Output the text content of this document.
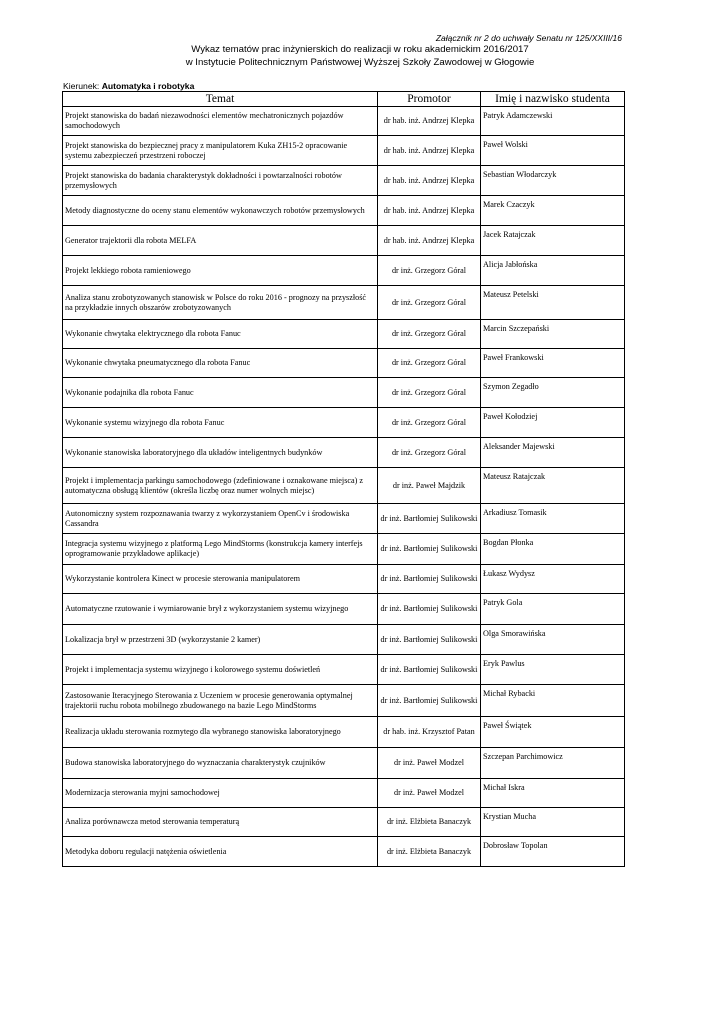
Załącznik nr 2 do uchwały Senatu nr 125/XXIII/16
Wykaz tematów prac inżynierskich do realizacji w roku akademickim 2016/2017
w Instytucie Politechnicznym Państwowej Wyższej Szkoły Zawodowej w Głogowie
Kierunek: Automatyka i robotyka
Temat	Promotor	Imię i nazwisko studenta
Projekt stanowiska do badań niezawodności elementów mechatronicznych pojazdów samochodowych	dr hab. inż. Andrzej Klepka	Patryk Adamczewski
Projekt stanowiska do bezpiecznej pracy z manipulatorem Kuka ZH15-2 opracowanie systemu zabezpieczeń przestrzeni roboczej	dr hab. inż. Andrzej Klepka	Paweł Wolski
Projekt stanowiska do badania charakterystyk dokładności i powtarzalności robotów przemysłowych	dr hab. inż. Andrzej Klepka	Sebastian Włodarczyk
Metody diagnostyczne do oceny stanu elementów wykonawczych robotów przemysłowych	dr hab. inż. Andrzej Klepka	Marek Czaczyk
Generator trajektorii dla robota MELFA	dr hab. inż. Andrzej Klepka	Jacek Ratajczak
Projekt lekkiego robota ramieniowego	dr inż. Grzegorz Góral	Alicja Jabłońska
Analiza stanu zrobotyzowanych stanowisk w Polsce do roku 2016 - prognozy na przyszłość na przykładzie innych obszarów zrobotyzowanych	dr inż. Grzegorz Góral	Mateusz Petelski
Wykonanie chwytaka elektrycznego dla robota Fanuc	dr inż. Grzegorz Góral	Marcin Szczepański
Wykonanie chwytaka pneumatycznego dla robota Fanuc	dr inż. Grzegorz Góral	Paweł Frankowski
Wykonanie podajnika dla robota Fanuc	dr inż. Grzegorz Góral	Szymon Zegadło
Wykonanie systemu wizyjnego dla robota Fanuc	dr inż. Grzegorz Góral	Paweł Kołodziej
Wykonanie stanowiska laboratoryjnego dla układów inteligentnych budynków	dr inż. Grzegorz Góral	Aleksander Majewski
Projekt i implementacja parkingu samochodowego (zdefiniowane i oznakowane miejsca) z automatyczna obsługą klientów (określa liczbę oraz numer wolnych miejsc)	dr inż. Paweł Majdzik	Mateusz Ratajczak
Autonomiczny system rozpoznawania twarzy z wykorzystaniem OpenCv i środowiska Cassandra	dr inż. Bartłomiej Sulikowski	Arkadiusz Tomasik
Integracja systemu wizyjnego z platformą Lego MindStorms (konstrukcja kamery interfejs oprogramowanie przykładowe aplikacje)	dr inż. Bartłomiej Sulikowski	Bogdan Płonka
Wykorzystanie kontrolera Kinect w procesie sterowania manipulatorem	dr inż. Bartłomiej Sulikowski	Łukasz Wydysz
Automatyczne rzutowanie i wymiarowanie brył z wykorzystaniem systemu wizyjnego	dr inż. Bartłomiej Sulikowski	Patryk Gola
Lokalizacja brył w przestrzeni 3D (wykorzystanie 2 kamer)	dr inż. Bartłomiej Sulikowski	Olga Smorawińska
Projekt i implementacja systemu wizyjnego i kolorowego systemu doświetleń	dr inż. Bartłomiej Sulikowski	Eryk Pawlus
Zastosowanie Iteracyjnego Sterowania z Uczeniem w procesie generowania optymalnej trajektorii ruchu robota mobilnego zbudowanego na bazie Lego MindStorms	dr inż. Bartłomiej Sulikowski	Michał Rybacki
Realizacja układu sterowania rozmytego dla wybranego stanowiska laboratoryjnego	dr hab. inż. Krzysztof Patan	Paweł Świątek
Budowa stanowiska laboratoryjnego do wyznaczania charakterystyk czujników	dr inż. Paweł Modzel	Szczepan Parchimowicz
Modernizacja sterowania myjni samochodowej	dr inż. Paweł Modzel	Michał Iskra
Analiza porównawcza metod sterowania temperaturą	dr inż. Elżbieta Banaczyk	Krystian Mucha
Metodyka doboru regulacji natężenia oświetlenia	dr inż. Elżbieta Banaczyk	Dobrosław Topolan
